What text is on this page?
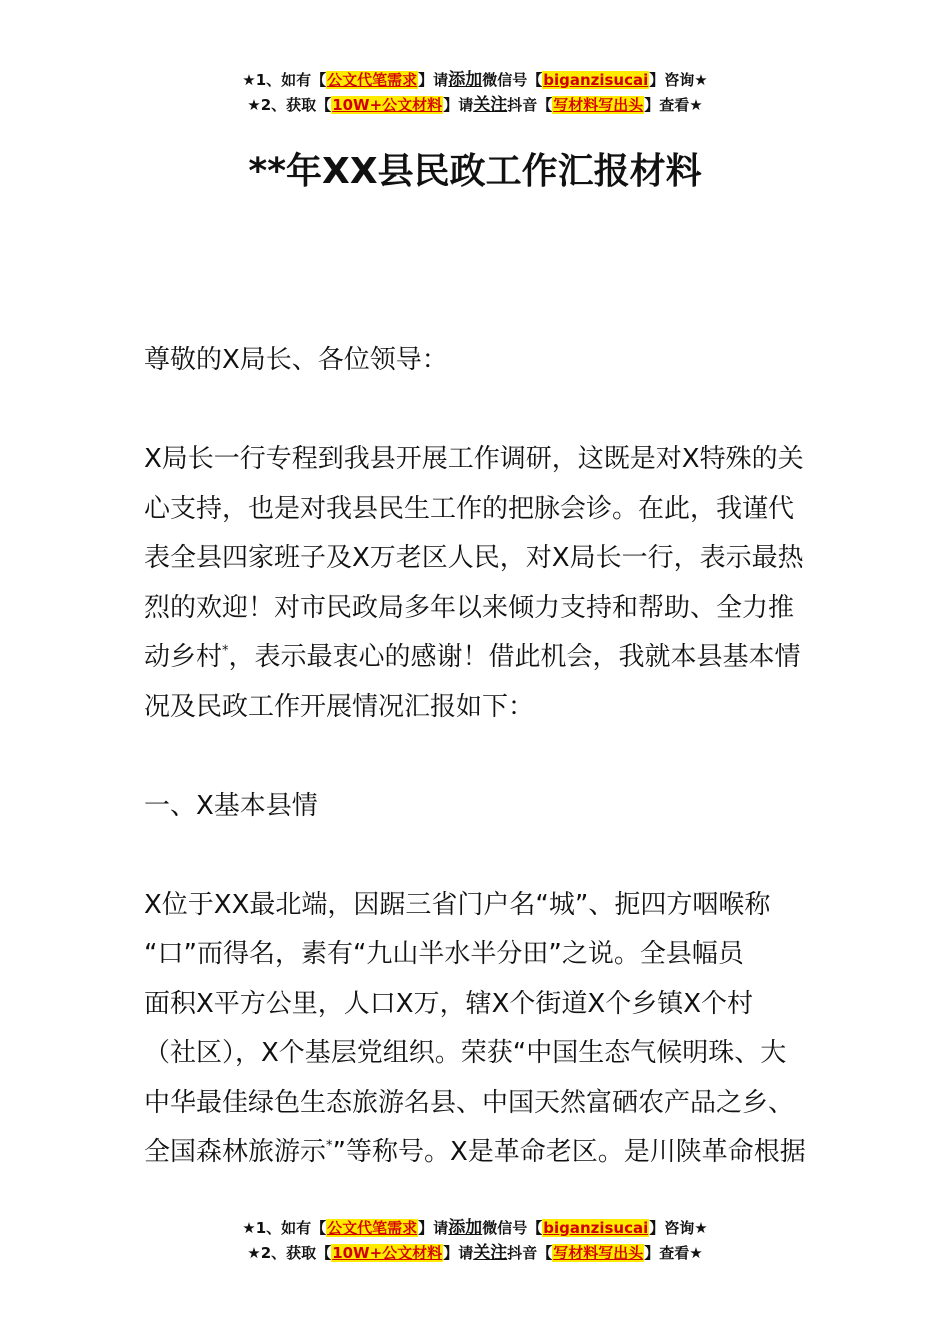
★1、如有【公文代笔需求】请添加微信号【biganzisucai】咨询★
★2、获取【10W+公文材料】请关注抖音【写材料写出头】查看★
**年XX县民政工作汇报材料

尊敬的X局长、各位领导：

X局长一行专程到我县开展工作调研，这既是对X特殊的关

心支持，也是对我县民生工作的把脉会诊。在此，我谨代

表全县四家班子及X万老区人民，对X局长一行，表示最热

烈的欢迎！对市民政局多年以来倾力支持和帮助、全力推

动乡村*，表示最衷心的感谢！借此机会，我就本县基本情

况及民政工作开展情况汇报如下：

一、X基本县情

X位于XX最北端，因踞三省门户名“城”、扼四方咽喉称

“口”而得名，素有“九山半水半分田”之说。全县幅员

面积X平方公里，人口X万，辖X个街道X个乡镇X个村

（社区），X个基层党组织。荣获“中国生态气候明珠、大

中华最佳绿色生态旅游名县、中国天然富硒农产品之乡、

全国森林旅游示*”等称号。X是革命老区。是川陕革命根据

★1、如有【公文代笔需求】请添加微信号【biganzisucai】咨询★
★2、获取【10W+公文材料】请关注抖音【写材料写出头】查看★
